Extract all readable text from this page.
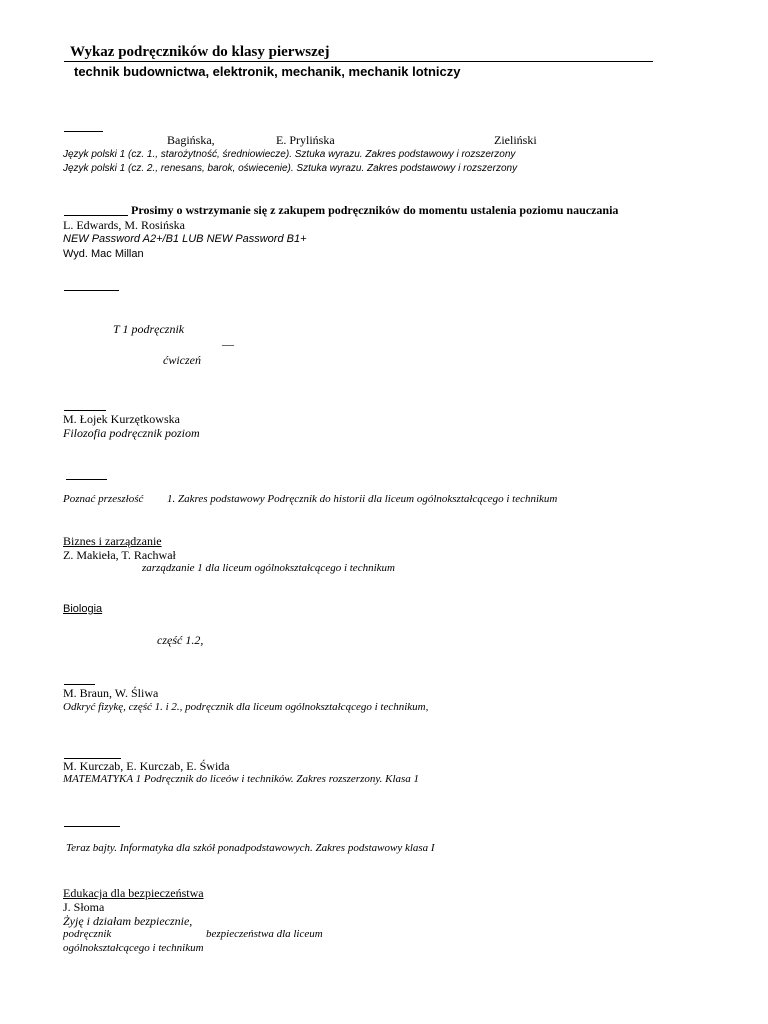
Wykaz podręczników do klasy pierwszej
technik budownictwa, elektronik, mechanik, mechanik lotniczy
Bagińska,	E. Prylińska	Zieliński
Język polski 1 (cz. 1., starożytność, średniowiecze). Sztuka wyrazu. Zakres podstawowy i rozszerzony
Język polski 1 (cz. 2., renesans, barok, oświecenie). Sztuka wyrazu. Zakres podstawowy i rozszerzony
Prosimy o wstrzymanie się z zakupem podręczników do momentu ustalenia poziomu nauczania
L. Edwards, M. Rosińska
NEW Password A2+/B1 LUB NEW Password B1+
Wyd. Mac Millan
T 1 podręcznik
—
ćwiczeń
M. Łojek Kurzętkowska
Filozofia podręcznik poziom
Poznać przeszłość 1. Zakres podstawowy Podręcznik do historii dla liceum ogólnokształcącego i technikum
Biznes i zarządzanie
Z. Makieła, T. Rachwał
zarządzanie 1 dla liceum ogólnokształcącego i technikum
Biologia
część 1.2,
M. Braun, W. Śliwa
Odkryć fizykę, część 1. i 2., podręcznik dla liceum ogólnokształcącego i technikum,
M. Kurczab, E. Kurczab, E. Świda
MATEMATYKA 1 Podręcznik do liceów i techników. Zakres rozszerzony. Klasa 1
Teraz bajty. Informatyka dla szkół ponadpodstawowych. Zakres podstawowy klasa I
Edukacja dla bezpieczeństwa
J. Słoma
Żyję i działam bezpiecznie,
podręcznik	bezpieczeństwa dla liceum
ogólnokształcącego i technikum
